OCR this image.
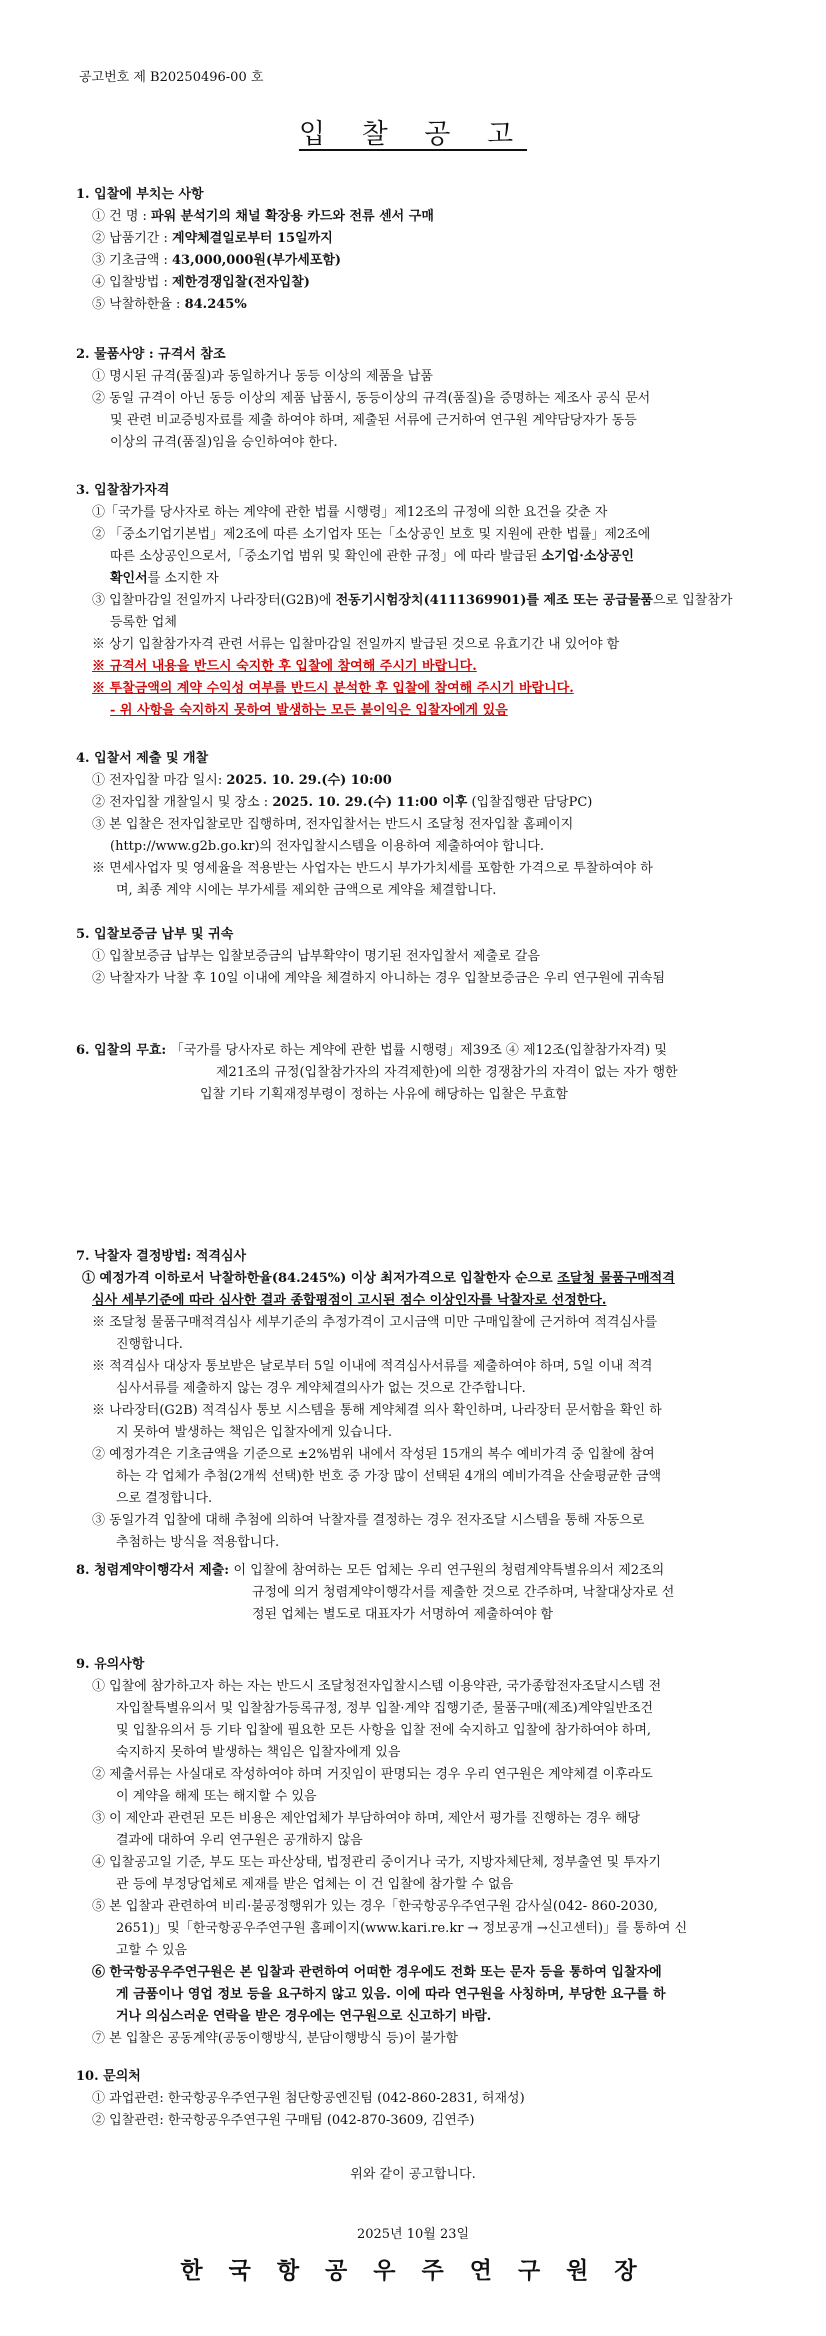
공고번호 제 B20250496-00 호
입 찰 공 고
1. 입찰에 부치는 사항
① 건 명 : 파워 분석기의 채널 확장용 카드와 전류 센서 구매
② 납품기간 : 계약체결일로부터 15일까지
③ 기초금액 : 43,000,000원(부가세포함)
④ 입찰방법 : 제한경쟁입찰(전자입찰)
⑤ 낙찰하한율 : 84.245%
2. 물품사양 : 규격서 참조
① 명시된 규격(품질)과 동일하거나 동등 이상의 제품을 납품
② 동일 규격이 아닌 동등 이상의 제품 납품시, 동등이상의 규격(품질)을 증명하는 제조사 공식 문서
및 관련 비교증빙자료를 제출 하여야 하며, 제출된 서류에 근거하여 연구원 계약담당자가 동등
이상의 규격(품질)임을 승인하여야 한다.
3. 입찰참가자격
①「국가를 당사자로 하는 계약에 관한 법률 시행령」제12조의 규정에 의한 요건을 갖춘 자
② 「중소기업기본법」제2조에 따른 소기업자 또는「소상공인 보호 및 지원에 관한 법률」제2조에
따른 소상공인으로서,「중소기업 범위 및 확인에 관한 규정」에 따라 발급된 소기업·소상공인
확인서를 소지한 자
③ 입찰마감일 전일까지 나라장터(G2B)에 전동기시험장치(4111369901)를 제조 또는 공급물품으로 입찰참가
등록한 업체
※ 상기 입찰참가자격 관련 서류는 입찰마감일 전일까지 발급된 것으로 유효기간 내 있어야 함
※ 규격서 내용을 반드시 숙지한 후 입찰에 참여해 주시기 바랍니다.
※ 투찰금액의 계약 수익성 여부를 반드시 분석한 후 입찰에 참여해 주시기 바랍니다.
- 위 사항을 숙지하지 못하여 발생하는 모든 불이익은 입찰자에게 있음
4. 입찰서 제출 및 개찰
① 전자입찰 마감 일시: 2025. 10. 29.(수) 10:00
② 전자입찰 개찰일시 및 장소 : 2025. 10. 29.(수) 11:00 이후 (입찰집행관 담당PC)
③ 본 입찰은 전자입찰로만 집행하며, 전자입찰서는 반드시 조달청 전자입찰 홈페이지
(http://www.g2b.go.kr)의 전자입찰시스템을 이용하여 제출하여야 합니다.
※ 면세사업자 및 영세율을 적용받는 사업자는 반드시 부가가치세를 포함한 가격으로 투찰하여야 하
며, 최종 계약 시에는 부가세를 제외한 금액으로 계약을 체결합니다.
5. 입찰보증금 납부 및 귀속
① 입찰보증금 납부는 입찰보증금의 납부확약이 명기된 전자입찰서 제출로 갈음
② 낙찰자가 낙찰 후 10일 이내에 계약을 체결하지 아니하는 경우 입찰보증금은 우리 연구원에 귀속됨
6. 입찰의 무효: 「국가를 당사자로 하는 계약에 관한 법률 시행령」제39조 ④ 제12조(입찰참가자격) 및
제21조의 규정(입찰참가자의 자격제한)에 의한 경쟁참가의 자격이 없는 자가 행한
입찰 기타 기획재정부령이 정하는 사유에 해당하는 입찰은 무효함
7. 낙찰자 결정방법: 적격심사
① 예정가격 이하로서 낙찰하한율(84.245%) 이상 최저가격으로 입찰한자 순으로 조달청 물품구매적격
심사 세부기준에 따라 심사한 결과 종합평점이 고시된 점수 이상인자를 낙찰자로 선정한다.
※ 조달청 물품구매적격심사 세부기준의 추정가격이 고시금액 미만 구매입찰에 근거하여 적격심사를
진행합니다.
※ 적격심사 대상자 통보받은 날로부터 5일 이내에 적격심사서류를 제출하여야 하며, 5일 이내 적격
심사서류를 제출하지 않는 경우 계약체결의사가 없는 것으로 간주합니다.
※ 나라장터(G2B) 적격심사 통보 시스템을 통해 계약체결 의사 확인하며, 나라장터 문서함을 확인 하
지 못하여 발생하는 책임은 입찰자에게 있습니다.
② 예정가격은 기초금액을 기준으로 ±2%범위 내에서 작성된 15개의 복수 예비가격 중 입찰에 참여
하는 각 업체가 추첨(2개씩 선택)한 번호 중 가장 많이 선택된 4개의 예비가격을 산술평균한 금액
으로 결정합니다.
③ 동일가격 입찰에 대해 추첨에 의하여 낙찰자를 결정하는 경우 전자조달 시스템을 통해 자동으로
추첨하는 방식을 적용합니다.
8. 청렴계약이행각서 제출: 이 입찰에 참여하는 모든 업체는 우리 연구원의 청렴계약특별유의서 제2조의
규정에 의거 청렴계약이행각서를 제출한 것으로 간주하며, 낙찰대상자로 선
정된 업체는 별도로 대표자가 서명하여 제출하여야 함
9. 유의사항
① 입찰에 참가하고자 하는 자는 반드시 조달청전자입찰시스템 이용약관, 국가종합전자조달시스템 전
자입찰특별유의서 및 입찰참가등록규정, 정부 입찰·계약 집행기준, 물품구매(제조)계약일반조건
및 입찰유의서 등 기타 입찰에 필요한 모든 사항을 입찰 전에 숙지하고 입찰에 참가하여야 하며,
숙지하지 못하여 발생하는 책임은 입찰자에게 있음
② 제출서류는 사실대로 작성하여야 하며 거짓임이 판명되는 경우 우리 연구원은 계약체결 이후라도
이 계약을 해제 또는 해지할 수 있음
③ 이 제안과 관련된 모든 비용은 제안업체가 부담하여야 하며, 제안서 평가를 진행하는 경우 해당
결과에 대하여 우리 연구원은 공개하지 않음
④ 입찰공고일 기준, 부도 또는 파산상태, 법정관리 중이거나 국가, 지방자체단체, 정부출연 및 투자기
관 등에 부정당업체로 제재를 받은 업체는 이 건 입찰에 참가할 수 없음
⑤ 본 입찰과 관련하여 비리·불공정행위가 있는 경우「한국항공우주연구원 감사실(042- 860-2030,
2651)」및「한국항공우주연구원 홈페이지(www.kari.re.kr → 정보공개 →신고센터)」를 통하여 신
고할 수 있음
⑥ 한국항공우주연구원은 본 입찰과 관련하여 어떠한 경우에도 전화 또는 문자 등을 통하여 입찰자에
게 금품이나 영업 정보 등을 요구하지 않고 있음. 이에 따라 연구원을 사칭하며, 부당한 요구를 하
거나 의심스러운 연락을 받은 경우에는 연구원으로 신고하기 바람.
⑦ 본 입찰은 공동계약(공동이행방식, 분담이행방식 등)이 불가함
10. 문의처
① 과업관련: 한국항공우주연구원 첨단항공엔진팀 (042-860-2831, 허재성)
② 입찰관련: 한국항공우주연구원 구매팀 (042-870-3609, 김연주)
위와 같이 공고합니다.
2025년 10월 23일
한 국 항 공 우 주 연 구 원 장
